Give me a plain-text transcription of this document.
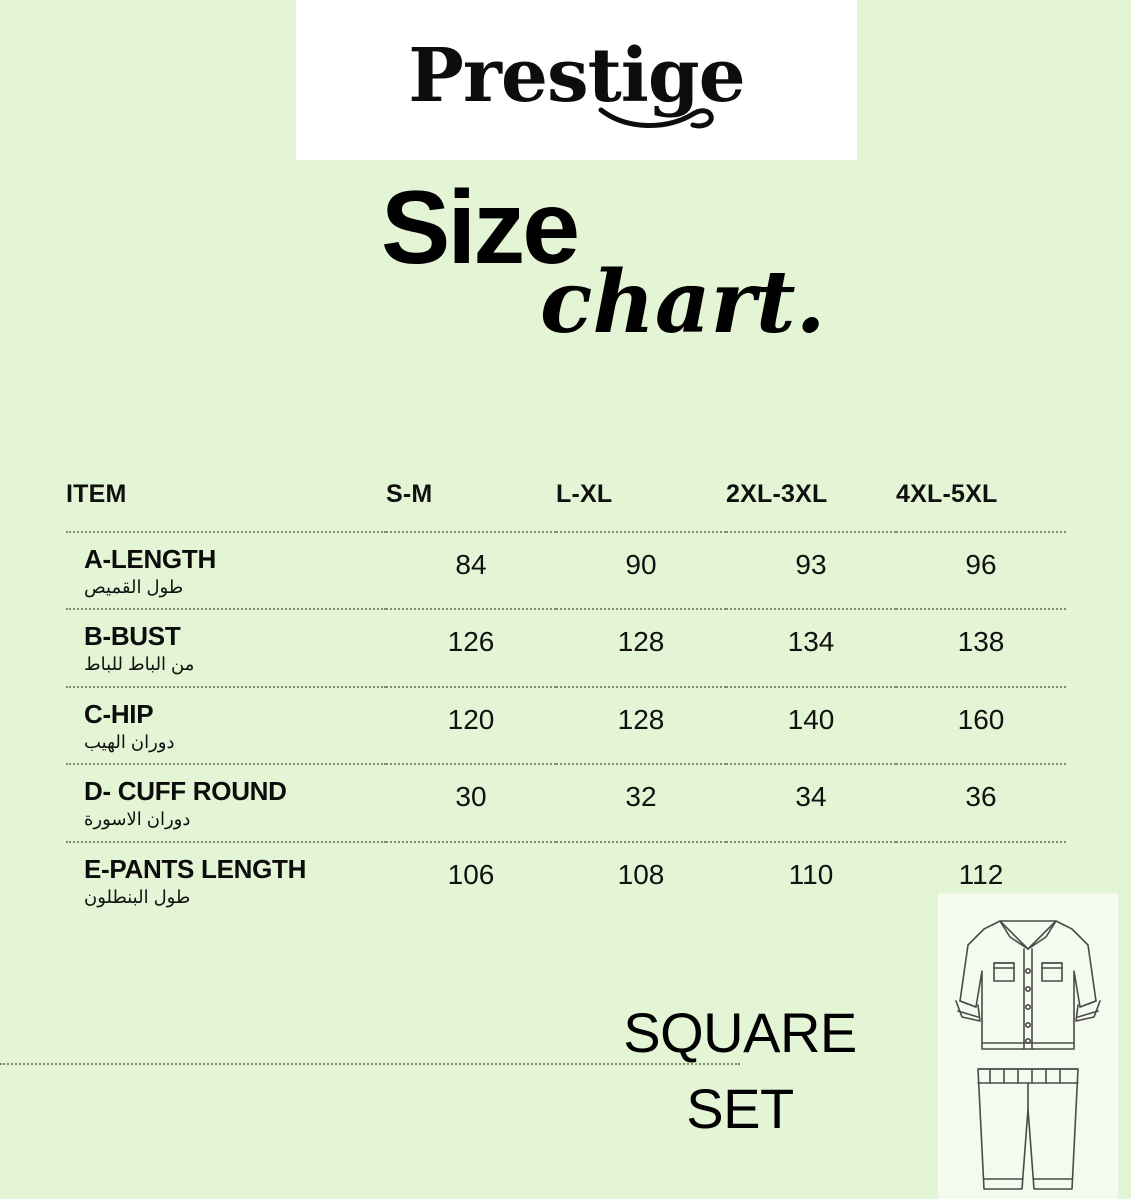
Prestige
Size
chart.
ITEM	S-M	L-XL	2XL-3XL	4XL-5XL

A-LENGTH
طول القميص	84	90	93	96

B-BUST
من الباط للباط	126	128	134	138

C-HIP
دوران الهيب	120	128	140	160

D- CUFF ROUND
دوران الاسورة	30	32	34	36

E-PANTS LENGTH
طول البنطلون	106	108	110	112
SQUARE
SET
